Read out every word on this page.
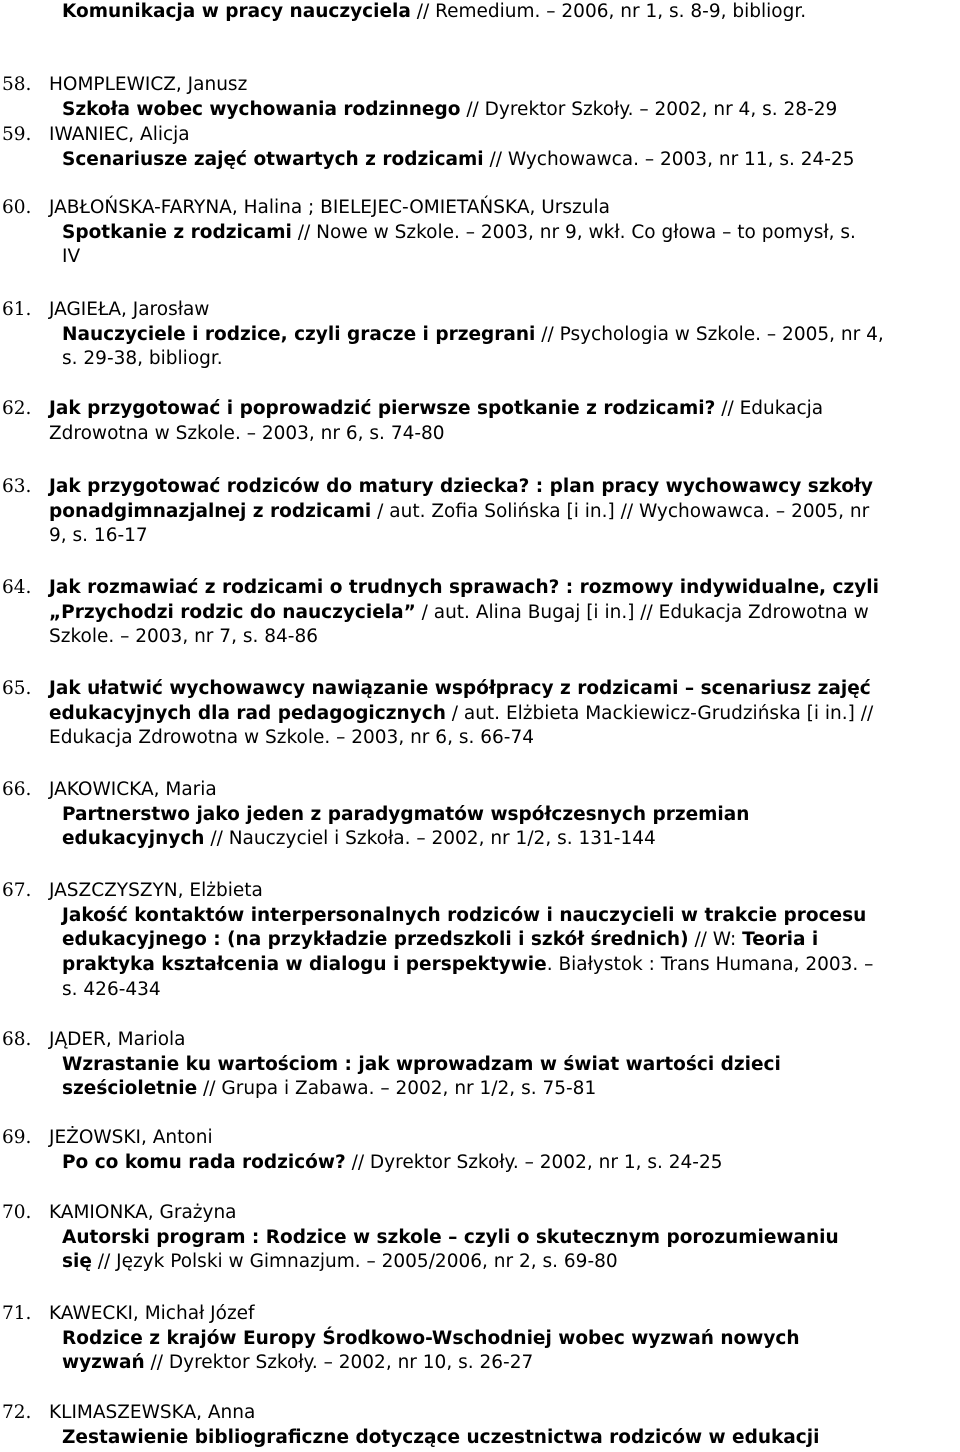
Komunikacja w pracy nauczyciela // Remedium. – 2006, nr 1, s. 8-9, bibliogr.
58. HOMPLEWICZ, Janusz
Szkoła wobec wychowania rodzinnego // Dyrektor Szkoły. – 2002, nr 4, s. 28-29
59. IWANIEC, Alicja
Scenariusze zajęć otwartych z rodzicami // Wychowawca. – 2003, nr 11, s. 24-25
60. JABŁOŃSKA-FARYNA, Halina ; BIELEJEC-OMIETAŃSKA, Urszula
Spotkanie z rodzicami // Nowe w Szkole. – 2003, nr 9, wkł. Co głowa – to pomysł, s.
IV
61. JAGIEŁA, Jarosław
Nauczyciele i rodzice, czyli gracze i przegrani // Psychologia w Szkole. – 2005, nr 4,
s. 29-38, bibliogr.
62. Jak przygotować i poprowadzić pierwsze spotkanie z rodzicami? // Edukacja
Zdrowotna w Szkole. – 2003, nr 6, s. 74-80
63. Jak przygotować rodziców do matury dziecka? : plan pracy wychowawcy szkoły
ponadgimnazjalnej z rodzicami / aut. Zofia Solińska [i in.] // Wychowawca. – 2005, nr
9, s. 16-17
64. Jak rozmawiać z rodzicami o trudnych sprawach? : rozmowy indywidualne, czyli
„Przychodzi rodzic do nauczyciela” / aut. Alina Bugaj [i in.] // Edukacja Zdrowotna w
Szkole. – 2003, nr 7, s. 84-86
65. Jak ułatwić wychowawcy nawiązanie współpracy z rodzicami – scenariusz zajęć
edukacyjnych dla rad pedagogicznych / aut. Elżbieta Mackiewicz-Grudzińska [i in.] //
Edukacja Zdrowotna w Szkole. – 2003, nr 6, s. 66-74
66. JAKOWICKA, Maria
Partnerstwo jako jeden z paradygmatów współczesnych przemian
edukacyjnych // Nauczyciel i Szkoła. – 2002, nr 1/2, s. 131-144
67. JASZCZYSZYN, Elżbieta
Jakość kontaktów interpersonalnych rodziców i nauczycieli w trakcie procesu
edukacyjnego : (na przykładzie przedszkoli i szkół średnich) // W: Teoria i
praktyka kształcenia w dialogu i perspektywie. Białystok : Trans Humana, 2003. –
s. 426-434
68. JĄDER, Mariola
Wzrastanie ku wartościom : jak wprowadzam w świat wartości dzieci
sześcioletnie // Grupa i Zabawa. – 2002, nr 1/2, s. 75-81
69. JEŻOWSKI, Antoni
Po co komu rada rodziców? // Dyrektor Szkoły. – 2002, nr 1, s. 24-25
70. KAMIONKA, Grażyna
Autorski program : Rodzice w szkole – czyli o skutecznym porozumiewaniu
się // Język Polski w Gimnazjum. – 2005/2006, nr 2, s. 69-80
71. KAWECKI, Michał Józef
Rodzice z krajów Europy Środkowo-Wschodniej wobec wyzwań nowych
wyzwań // Dyrektor Szkoły. – 2002, nr 10, s. 26-27
72. KLIMASZEWSKA, Anna
Zestawienie bibliograficzne dotyczące uczestnictwa rodziców w edukacji
